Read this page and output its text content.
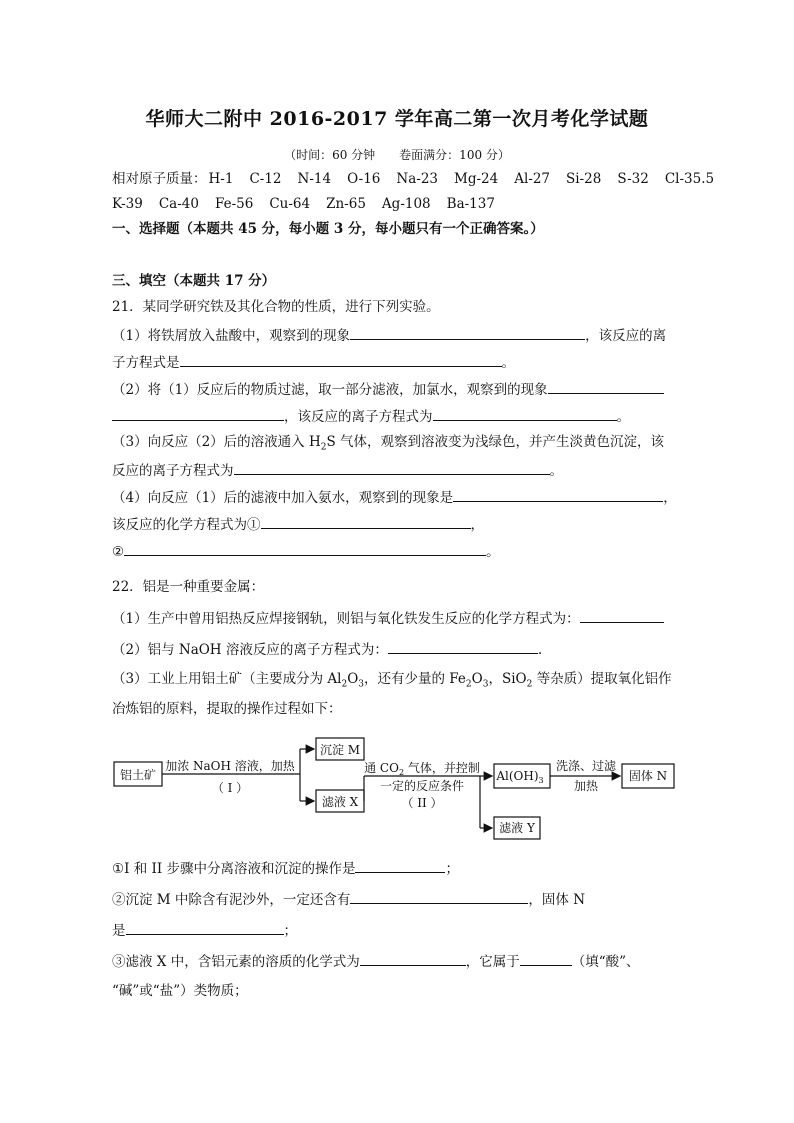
华师大二附中 2016-2017 学年高二第一次月考化学试题
（时间：60 分钟　　卷面满分：100 分）
相对原子质量： H-1 C-12 N-14 O-16 Na-23 Mg-24 Al-27 Si-28 S-32 Cl-35.5
K-39 Ca-40 Fe-56 Cu-64 Zn-65 Ag-108 Ba-137
一、选择题（本题共 45 分，每小题 3 分，每小题只有一个正确答案。）
三、填空（本题共 17 分）
21．某同学研究铁及其化合物的性质，进行下列实验。
（1）将铁屑放入盐酸中，观察到的现象	，该反应的离
子方程式是	。
（2）将（1）反应后的物质过滤，取一部分滤液，加氯水，观察到的现象
，该反应的离子方程式为	。
（3）向反应（2）后的溶液通入 $H_2S$ 气体，观察到溶液变为浅绿色，并产生淡黄色沉淀，该
反应的离子方程式为	。
（4）向反应（1）后的滤液中加入氨水，观察到的现象是	，
该反应的化学方程式为①	，
②	。
22．铝是一种重要金属：
（1）生产中曾用铝热反应焊接钢轨，则铝与氧化铁发生反应的化学方程式为：
（2）铝与 NaOH 溶液反应的离子方程式为：	.
（3）工业上用铝土矿（主要成分为 $Al_2O_3$，还有少量的 $Fe_2O_3$，SiO$_2$ 等杂质）提取氧化铝作
冶炼铝的原料，提取的操作过程如下：
铝土矿
加浓 NaOH 溶液，加热
（ I ）
沉淀 M
滤液 X
通 $CO_2$ 气体，并控制
一定的反应条件
（ II ）
$Al(OH)_3$
洗涤、过滤
加热
固体 N
滤液 Y
①I 和 II 步骤中分离溶液和沉淀的操作是	；
②沉淀 M 中除含有泥沙外，一定还含有	，固体 N
是	；
③滤液 X 中，含铝元素的溶质的化学式为	，它属于	（填“酸”、
“碱”或“盐”）类物质；
